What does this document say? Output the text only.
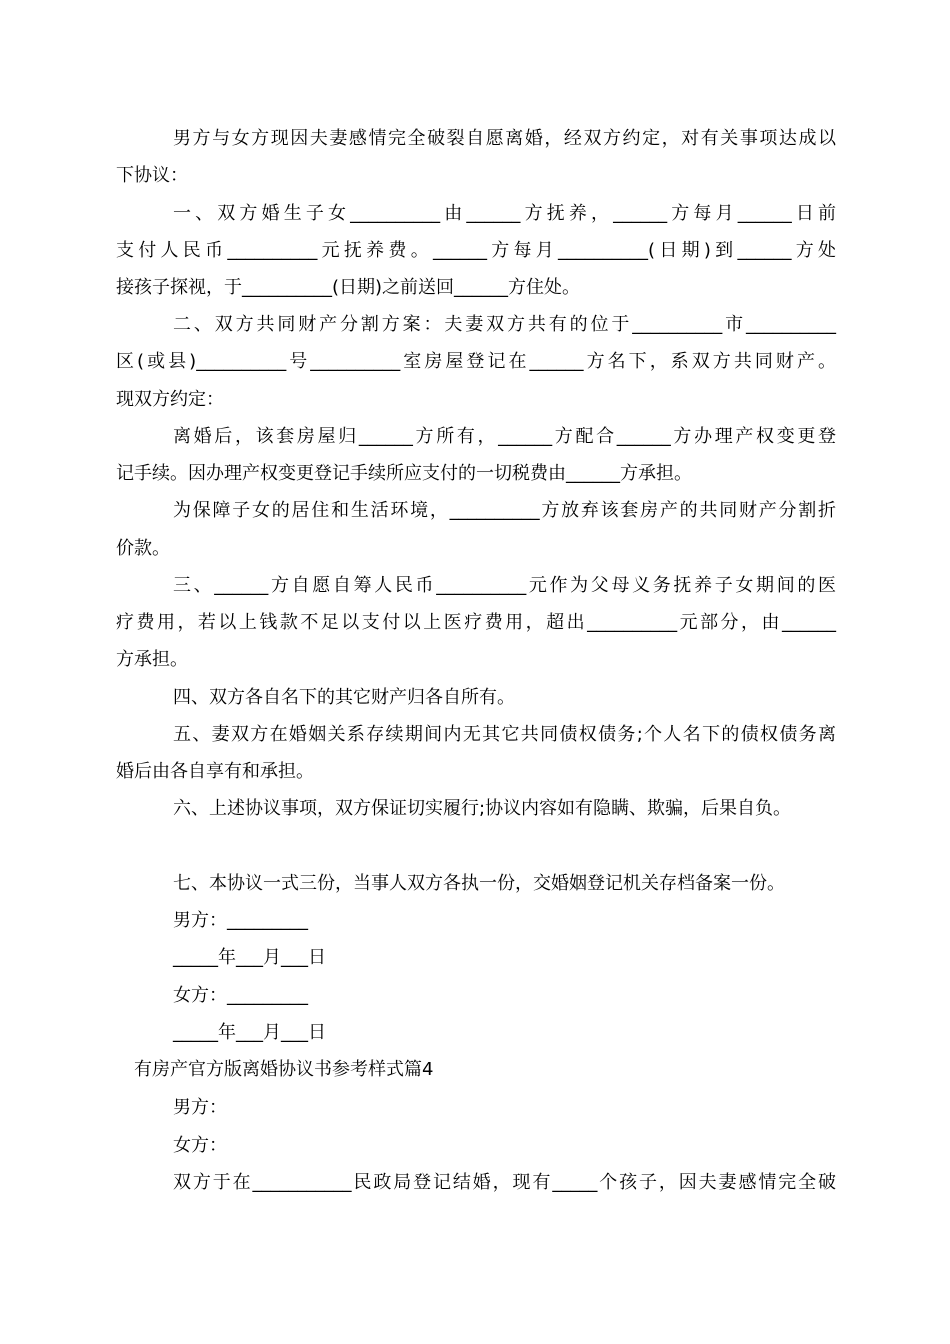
男方与女方现因夫妻感情完全破裂自愿离婚，经双方约定，对有关事项达成以
下协议：
一、双方婚生子女__________由______方抚养，______方每月______日前
支付人民币__________元抚养费。______方每月__________(日期)到______方处
接孩子探视，于__________(日期)之前送回______方住处。
二、双方共同财产分割方案：夫妻双方共有的位于__________市__________
区(或县)__________号__________室房屋登记在______方名下，系双方共同财产。
现双方约定：
离婚后，该套房屋归______方所有，______方配合______方办理产权变更登
记手续。因办理产权变更登记手续所应支付的一切税费由______方承担。
为保障子女的居住和生活环境，__________方放弃该套房产的共同财产分割折
价款。
三、______方自愿自筹人民币__________元作为父母义务抚养子女期间的医
疗费用，若以上钱款不足以支付以上医疗费用，超出__________元部分，由______
方承担。
四、双方各自名下的其它财产归各自所有。
五、妻双方在婚姻关系存续期间内无其它共同债权债务;个人名下的债权债务离
婚后由各自享有和承担。
六、上述协议事项，双方保证切实履行;协议内容如有隐瞒、欺骗，后果自负。
七、本协议一式三份，当事人双方各执一份，交婚姻登记机关存档备案一份。
男方：_________
_____年___月___日
女方：_________
_____年___月___日
有房产官方版离婚协议书参考样式篇4
男方：
女方：
双方于在___________民政局登记结婚，现有_____个孩子，因夫妻感情完全破
